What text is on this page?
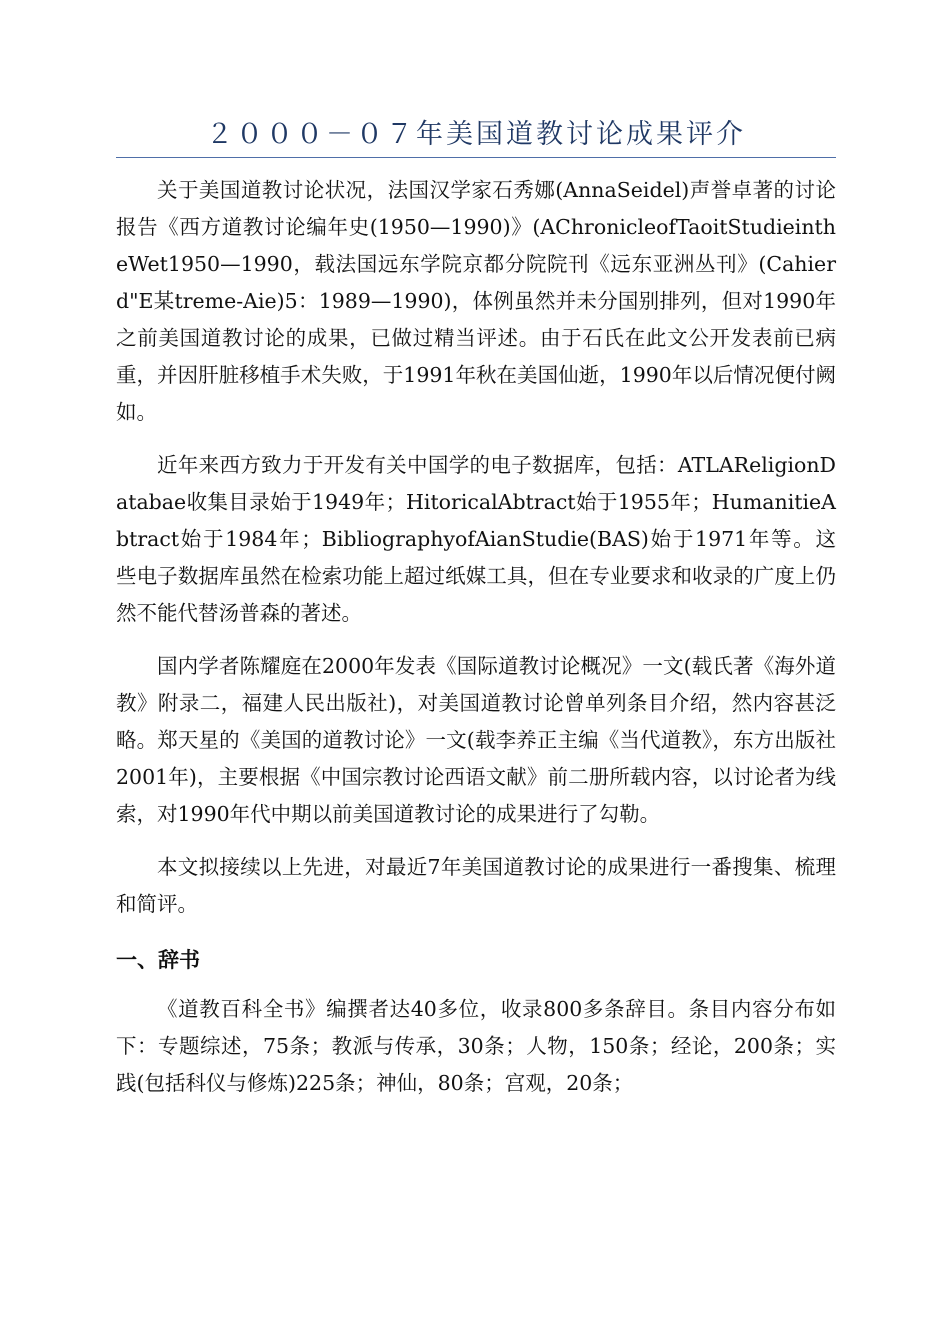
２０００－０７年美国道教讨论成果评介

关于美国道教讨论状况，法国汉学家石秀娜(AnnaSeidel)声誉卓著的讨论报告《西方道教讨论编年史(1950—1990)》(AChronicleofTaoitStudieintheWet1950—1990，载法国远东学院京都分院院刊《远东亚洲丛刊》(Cahierd"E某treme-Aie)5：1989—1990)，体例虽然并未分国别排列，但对1990年之前美国道教讨论的成果，已做过精当评述。由于石氏在此文公开发表前已病重，并因肝脏移植手术失败，于1991年秋在美国仙逝，1990年以后情况便付阙如。

近年来西方致力于开发有关中国学的电子数据库，包括：ATLAReligionDatabae收集目录始于1949年；HitoricalAbtract始于1955年；HumanitieAbtract始于1984年；BibliographyofAianStudie(BAS)始于1971年等。这些电子数据库虽然在检索功能上超过纸媒工具，但在专业要求和收录的广度上仍然不能代替汤普森的著述。

国内学者陈耀庭在2000年发表《国际道教讨论概况》一文(载氏著《海外道教》附录二，福建人民出版社)，对美国道教讨论曾单列条目介绍，然内容甚泛略。郑天星的《美国的道教讨论》一文(载李养正主编《当代道教》，东方出版社2001年)，主要根据《中国宗教讨论西语文献》前二册所载内容，以讨论者为线索，对1990年代中期以前美国道教讨论的成果进行了勾勒。

本文拟接续以上先进，对最近7年美国道教讨论的成果进行一番搜集、梳理和简评。

一、辞书

《道教百科全书》编撰者达40多位，收录800多条辞目。条目内容分布如下：专题综述，75条；教派与传承，30条；人物，150条；经论，200条；实践(包括科仪与修炼)225条；神仙，80条；宫观，20条；
